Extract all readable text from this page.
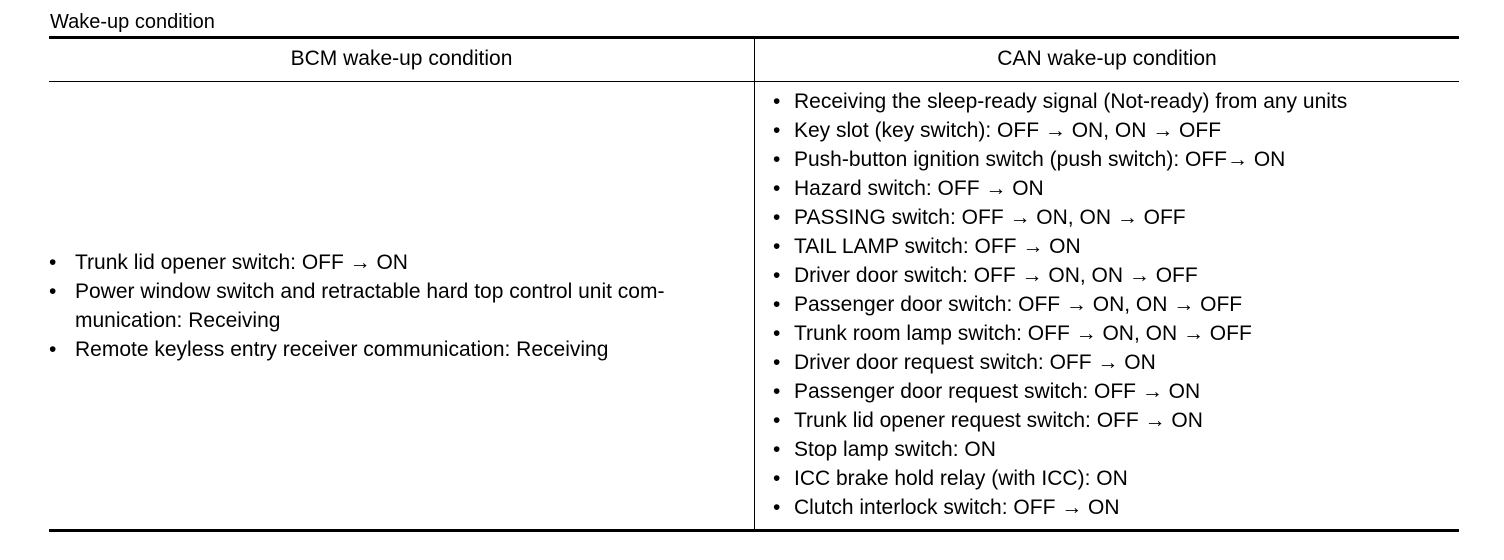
Wake-up condition
BCM wake-up condition	CAN wake-up condition
• Trunk lid opener switch: OFF → ON
• Power window switch and retractable hard top control unit com-munication: Receiving
• Remote keyless entry receiver communication: Receiving
• Receiving the sleep-ready signal (Not-ready) from any units
• Key slot (key switch): OFF → ON, ON → OFF
• Push-button ignition switch (push switch): OFF→ ON
• Hazard switch: OFF → ON
• PASSING switch: OFF → ON, ON → OFF
• TAIL LAMP switch: OFF → ON
• Driver door switch: OFF → ON, ON → OFF
• Passenger door switch: OFF → ON, ON → OFF
• Trunk room lamp switch: OFF → ON, ON → OFF
• Driver door request switch: OFF → ON
• Passenger door request switch: OFF → ON
• Trunk lid opener request switch: OFF → ON
• Stop lamp switch: ON
• ICC brake hold relay (with ICC): ON
• Clutch interlock switch: OFF → ON
